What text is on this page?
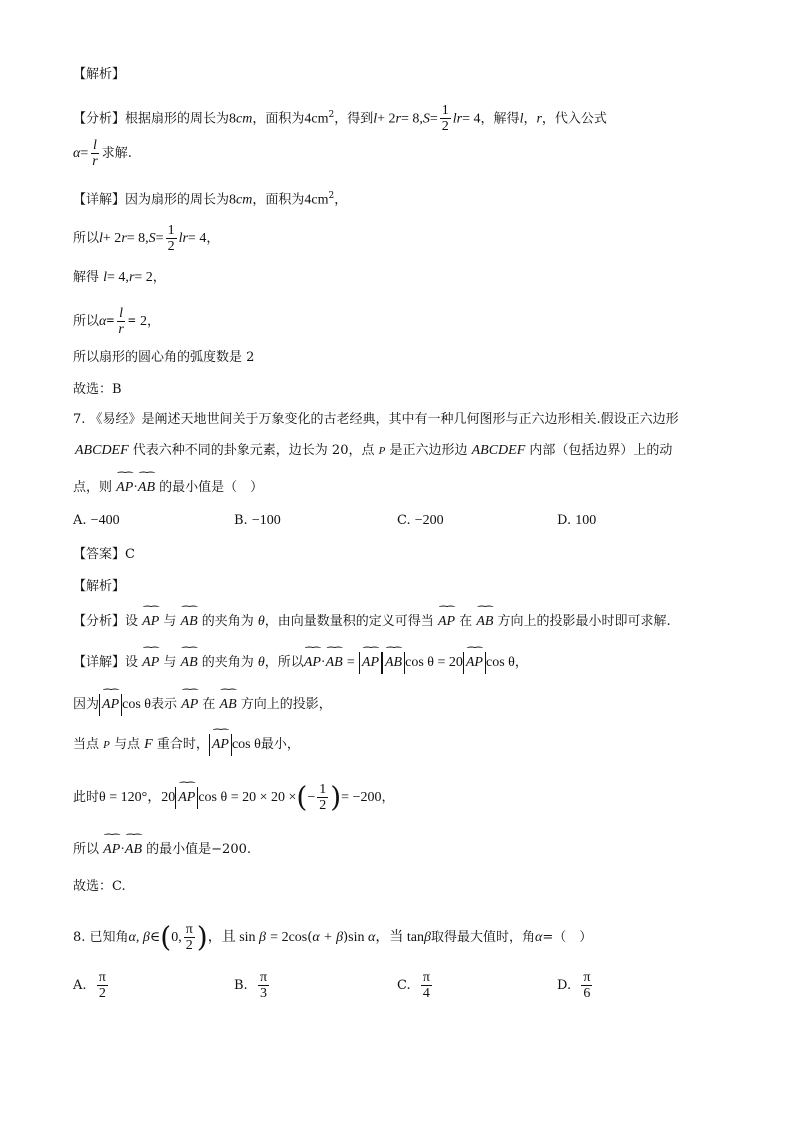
【解析】
【分析】根据扇形的周长为8cm，面积为$4cm^2$，得到$l+ 2r= 8,S= \frac{1}{2} lr= 4$，解得l，r，代入公式
$\alpha= \frac{l}{r}$ 求解.
【详解】因为扇形的周长为8cm，面积为$4cm^2$，
所以$l+ 2r= 8,S= \frac{1}{2} lr= 4$，
解得 l= 4,r= 2，
所以$\alpha= \frac{l}{r} = 2$，
所以扇形的圆心角的弧度数是 2
故选：B
7. 《易经》是阐述天地世间关于万象变化的古老经典，其中有一种几何图形与正六边形相关.假设正六边形
ABCDEF 代表六种不同的卦象元素，边长为 20，点 P 是正六边形边 ABCDEF 内部（包括边界）上的动
点，则 ⁀⁀ AP·⁀⁀ AB 的最小值是（　）
A. −400	B. −100	C. −200	D. 100
【答案】C
【解析】
【分析】设 ⁀⁀ AP 与 ⁀⁀ AB 的夹角为 θ，由向量数量积的定义可得当 ⁀⁀ AP 在 ⁀⁀ AB 方向上的投影最小时即可求解.
【详解】设 ⁀⁀ AP 与 ⁀⁀ AB 的夹角为 θ，所以⁀⁀ AP·⁀⁀ AB = ⁀⁀ AP ⁀⁀ AB cos θ = 20 ⁀⁀ AP cos θ，
因为 ⁀⁀ AP cos θ表示 ⁀⁀ AP 在 ⁀⁀ AB 方向上的投影，
当点 P 与点 F 重合时， ⁀⁀ AP cos θ最小，
此时θ = 120°，20 ⁀⁀ AP cos θ = 20 × 20 ×(− $\frac{1}{2}$ )= −200，
所以 ⁀⁀ AP·⁀⁀ AB 的最小值是−200.
故选：C.
8. 已知角α, β∈(0, $\frac{\pi}{2}$ )，且 sin β = 2cos(α + β)sin α，当 tanβ取得最大值时，角α=（　）
A. $\frac{\pi}{2}$	B. $\frac{\pi}{3}$	C. $\frac{\pi}{4}$	D. $\frac{\pi}{6}$
